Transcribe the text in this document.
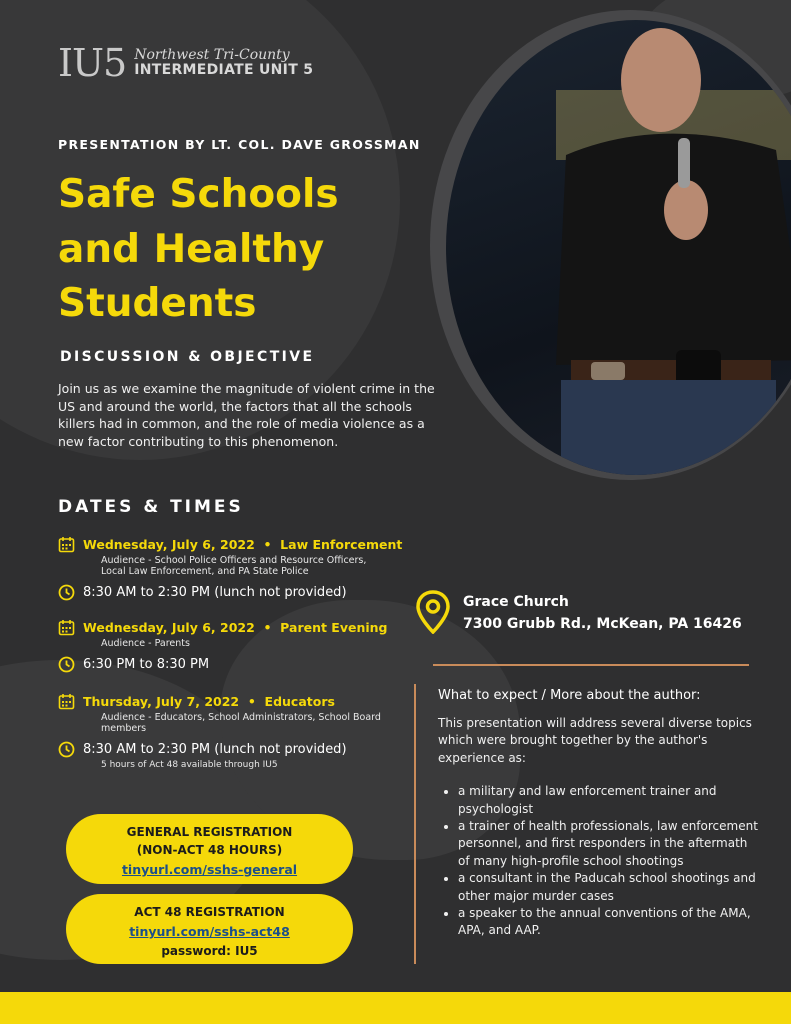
IU5 Northwest Tri-County
INTERMEDIATE UNIT 5
PRESENTATION BY LT. COL. DAVE GROSSMAN
Safe Schools
and Healthy
Students
DISCUSSION & OBJECTIVE
Join us as we examine the magnitude of violent crime in the US and around the world, the factors that all the schools killers had in common, and the role of media violence as a new factor contributing to this phenomenon.
DATES & TIMES
Wednesday, July 6, 2022  •  Law Enforcement
Audience - School Police Officers and Resource Officers, Local Law Enforcement, and PA State Police
8:30 AM to 2:30 PM (lunch not provided)
Wednesday, July 6, 2022  •  Parent Evening
Audience - Parents
6:30 PM to 8:30 PM
Thursday, July 7, 2022  •  Educators
Audience - Educators, School Administrators, School Board members
8:30 AM to 2:30 PM (lunch not provided)
5 hours of Act 48 available through IU5
Grace Church
7300 Grubb Rd., McKean, PA 16426
What to expect / More about the author:
This presentation will address several diverse topics which were brought together by the author's experience as:
• a military and law enforcement trainer and psychologist
• a trainer of health professionals, law enforcement personnel, and first responders in the aftermath of many high-profile school shootings
• a consultant in the Paducah school shootings and other major murder cases
• a speaker to the annual conventions of the AMA, APA, and AAP.
GENERAL REGISTRATION
(NON-ACT 48 HOURS)
tinyurl.com/sshs-general
ACT 48 REGISTRATION
tinyurl.com/sshs-act48
password: IU5
